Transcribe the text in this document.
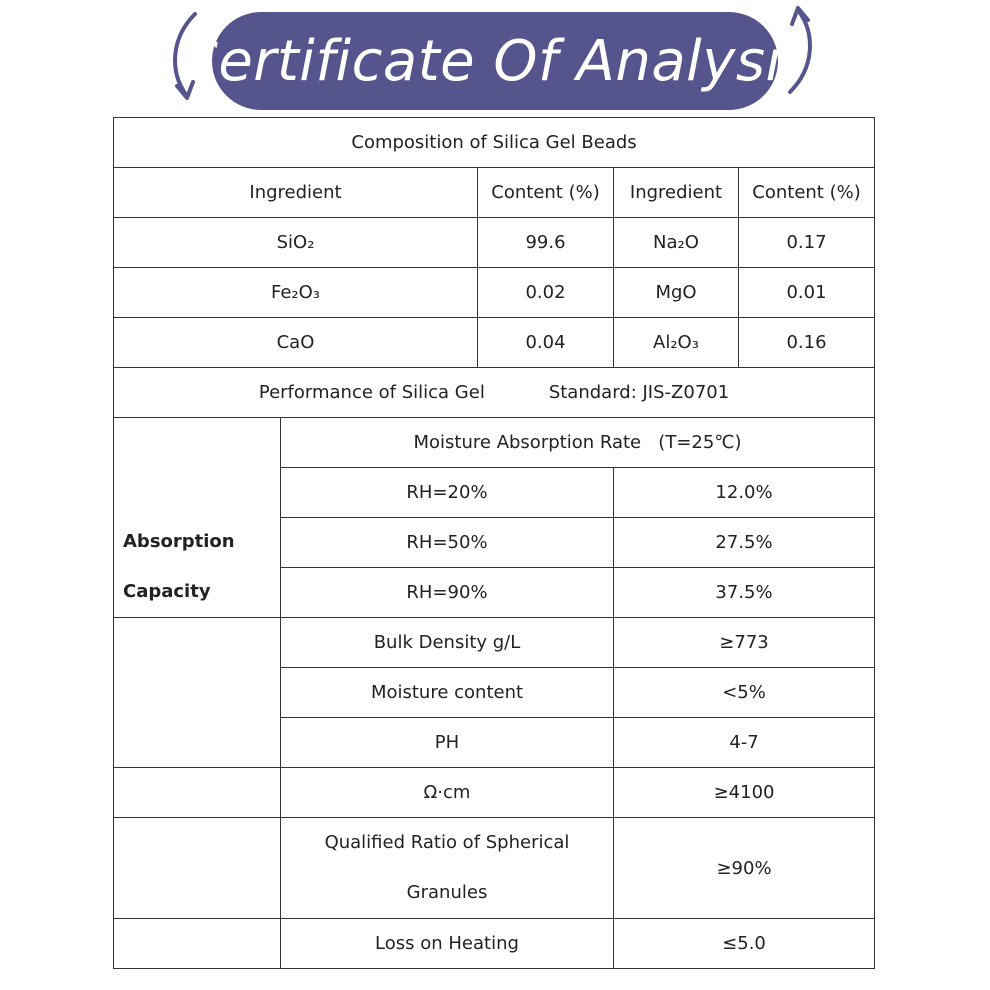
Certificate Of Analysis
Composition of Silica Gel Beads				
Ingredient		Content (%)	Ingredient	Content (%)
SiO₂		99.6	Na₂O	0.17
Fe₂O₃		0.02	MgO	0.01
CaO		0.04	Al₂O₃	0.16
Performance of Silica Gel Standard: JIS-Z0701				

Absorption
Capacity	Moisture Absorption Rate (T=25℃)			
	RH=20%		12.0%	
	RH=50%		27.5%	
	RH=90%		37.5%	
	Bulk Density g/L		≥773	
	Moisture content		<5%	
	PH		4-7	
	Ω·cm		≥4100	

	Qualified Ratio of Spherical
Granules		≥90%	
	Loss on Heating		≤5.0	
